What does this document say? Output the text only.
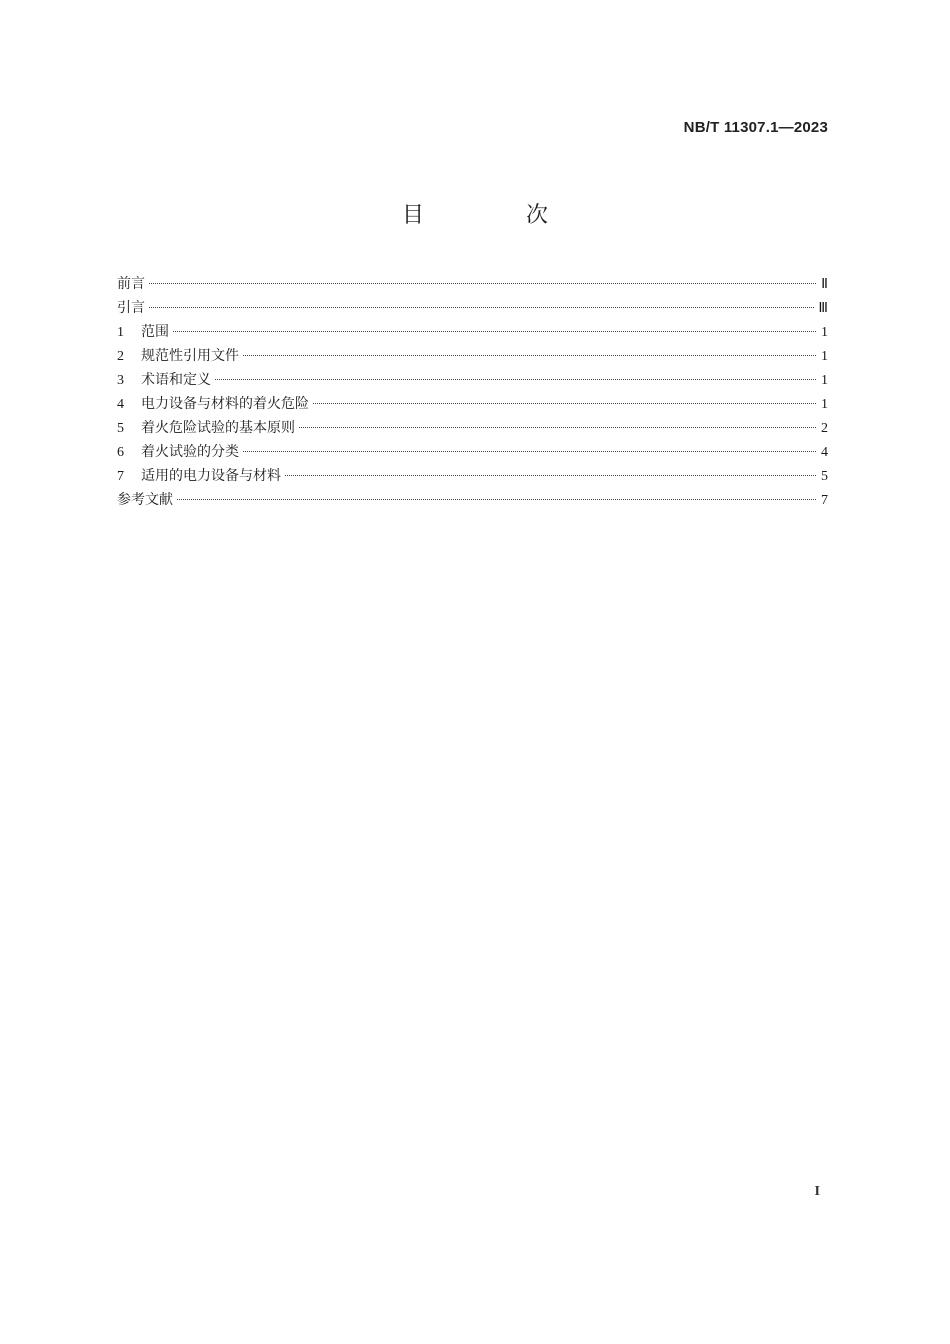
NB/T 11307.1—2023
目　次
前言	Ⅱ
引言	Ⅲ
1	范围	1
2	规范性引用文件	1
3	术语和定义	1
4	电力设备与材料的着火危险	1
5	着火危险试验的基本原则	2
6	着火试验的分类	4
7	适用的电力设备与材料	5
参考文献	7
I
